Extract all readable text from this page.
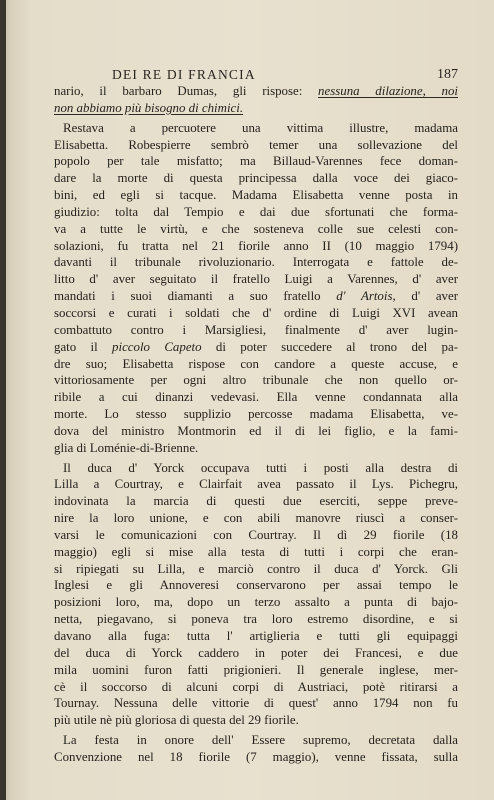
DEI RE DI FRANCIA	187
nario, il barbaro Dumas, gli rispose: nessuna dilazione, noi
non abbiamo più bisogno di chimici.
Restava a percuotere una vittima illustre, madama
Elisabetta. Robespierre sembrò temer una sollevazione del
popolo per tale misfatto; ma Billaud-Varennes fece doman-
dare la morte di questa principessa dalla voce dei giaco-
bini, ed egli si tacque. Madama Elisabetta venne posta in
giudizio: tolta dal Tempio e dai due sfortunati che forma-
va a tutte le virtù, e che sosteneva colle sue celesti con-
solazioni, fu tratta nel 21 fiorile anno II (10 maggio 1794)
davanti il tribunale rivoluzionario. Interrogata e fattole de-
litto d' aver seguitato il fratello Luigi a Varennes, d' aver
mandati i suoi diamanti a suo fratello d' Artois, d' aver
soccorsi e curati i soldati che d' ordine di Luigi XVI avean
combattuto contro i Marsigliesi, finalmente d' aver lugin-
gato il piccolo Capeto di poter succedere al trono del pa-
dre suo; Elisabetta rispose con candore a queste accuse, e
vittoriosamente per ogni altro tribunale che non quello or-
ribile a cui dinanzi vedevasi. Ella venne condannata alla
morte. Lo stesso supplizio percosse madama Elisabetta, ve-
dova del ministro Montmorin ed il di lei figlio, e la fami-
glia di Loménie-di-Brienne.
Il duca d' Yorck occupava tutti i posti alla destra di
Lilla a Courtray, e Clairfait avea passato il Lys. Pichegru,
indovinata la marcia di questi due eserciti, seppe preve-
nire la loro unione, e con abili manovre riuscì a conser-
varsi le comunicazioni con Courtray. Il dì 29 fiorile (18
maggio) egli si mise alla testa di tutti i corpi che eran-
si ripiegati su Lilla, e marciò contro il duca d' Yorck. Gli
Inglesi e gli Annoveresi conservarono per assai tempo le
posizioni loro, ma, dopo un terzo assalto a punta di bajo-
netta, piegavano, si poneva tra loro estremo disordine, e si
davano alla fuga: tutta l' artiglieria e tutti gli equipaggi
del duca di Yorck caddero in poter dei Francesi, e due
mila uomini furon fatti prigionieri. Il generale inglese, mer-
cè il soccorso di alcuni corpi di Austriaci, potè ritirarsi a
Tournay. Nessuna delle vittorie di quest' anno 1794 non fu
più utile nè più gloriosa di questa del 29 fiorile.
La festa in onore dell' Essere supremo, decretata dalla
Convenzione nel 18 fiorile (7 maggio), venne fissata, sulla
